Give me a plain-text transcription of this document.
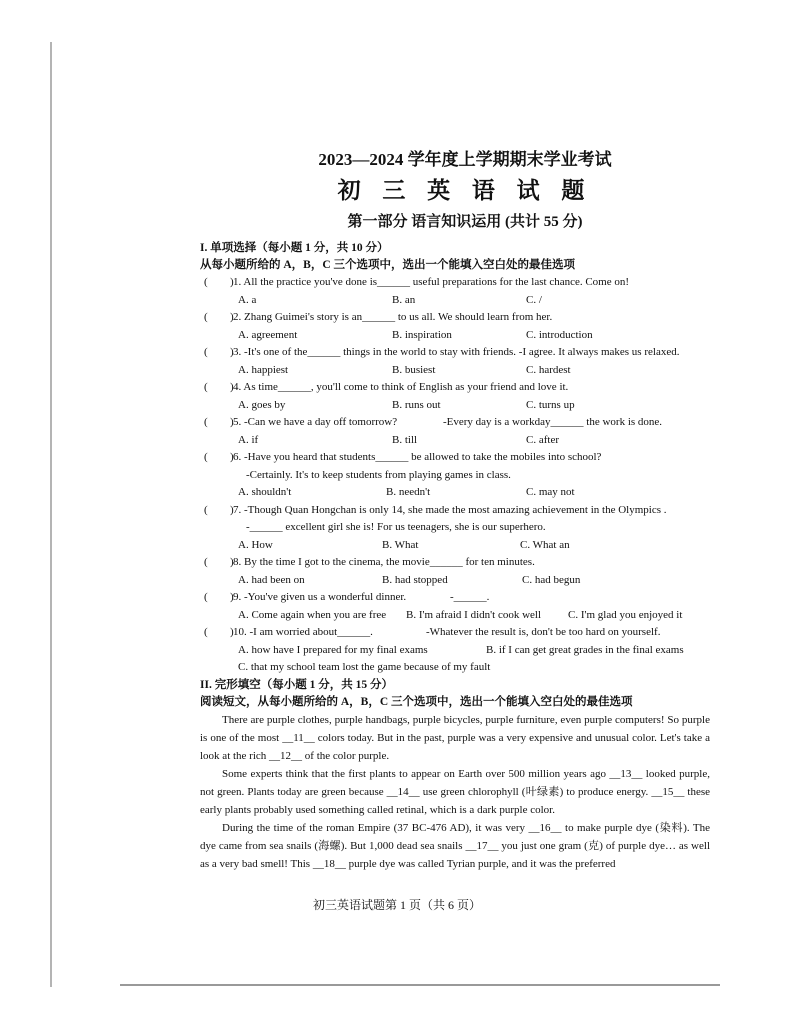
2023—2024 学年度上学期期末学业考试
初 三 英 语 试 题
第一部分 语言知识运用 (共计 55 分)
I. 单项选择（每小题 1 分，共 10 分）
从每小题所给的 A，B，C 三个选项中，选出一个能填入空白处的最佳选项
( ) 1. All the practice you've done is______ useful preparations for the last chance. Come on!
A. a	B. an	C. /
( ) 2. Zhang Guimei's story is an______ to us all. We should learn from her.
A. agreement	B. inspiration	C. introduction
( ) 3. -It's one of the______ things in the world to stay with friends. -I agree. It always makes us relaxed.
A. happiest	B. busiest	C. hardest
( ) 4. As time______, you'll come to think of English as your friend and love it.
A. goes by	B. runs out	C. turns up
( ) 5. -Can we have a day off tomorrow?	-Every day is a workday______ the work is done.
A. if	B. till	C. after
( ) 6. -Have you heard that students______ be allowed to take the mobiles into school?
-Certainly. It's to keep students from playing games in class.
A. shouldn't	B. needn't	C. may not
( ) 7. -Though Quan Hongchan is only 14, she made the most amazing achievement in the Olympics .
-______ excellent girl she is! For us teenagers, she is our superhero.
A. How	B. What	C. What an
( ) 8. By the time I got to the cinema, the movie______ for ten minutes.
A. had been on	B. had stopped	C. had begun
( ) 9. -You've given us a wonderful dinner.	-______.
A. Come again when you are free B. I'm afraid I didn't cook well C. I'm glad you enjoyed it
( ) 10. -I am worried about______.	-Whatever the result is, don't be too hard on yourself.
A. how have I prepared for my final exams	B. if I can get great grades in the final exams
C. that my school team lost the game because of my fault
II. 完形填空（每小题 1 分，共 15 分）
阅读短文，从每小题所给的 A，B，C 三个选项中，选出一个能填入空白处的最佳选项

There are purple clothes, purple handbags, purple bicycles, purple furniture, even purple computers! So purple is one of the most __11__ colors today. But in the past, purple was a very expensive and unusual color. Let's take a look at the rich __12__ of the color purple.

Some experts think that the first plants to appear on Earth over 500 million years ago __13__ looked purple, not green. Plants today are green because __14__ use green chlorophyll (叶绿素) to produce energy. __15__ these early plants probably used something called retinal, which is a dark purple color.

During the time of the roman Empire (37 BC-476 AD), it was very __16__ to make purple dye (染料). The dye came from sea snails (海螺). But 1,000 dead sea snails __17__ you just one gram (克) of purple dye… as well as a very bad smell! This __18__ purple dye was called Tyrian purple, and it was the preferred

初三英语试题第 1 页（共 6 页）
